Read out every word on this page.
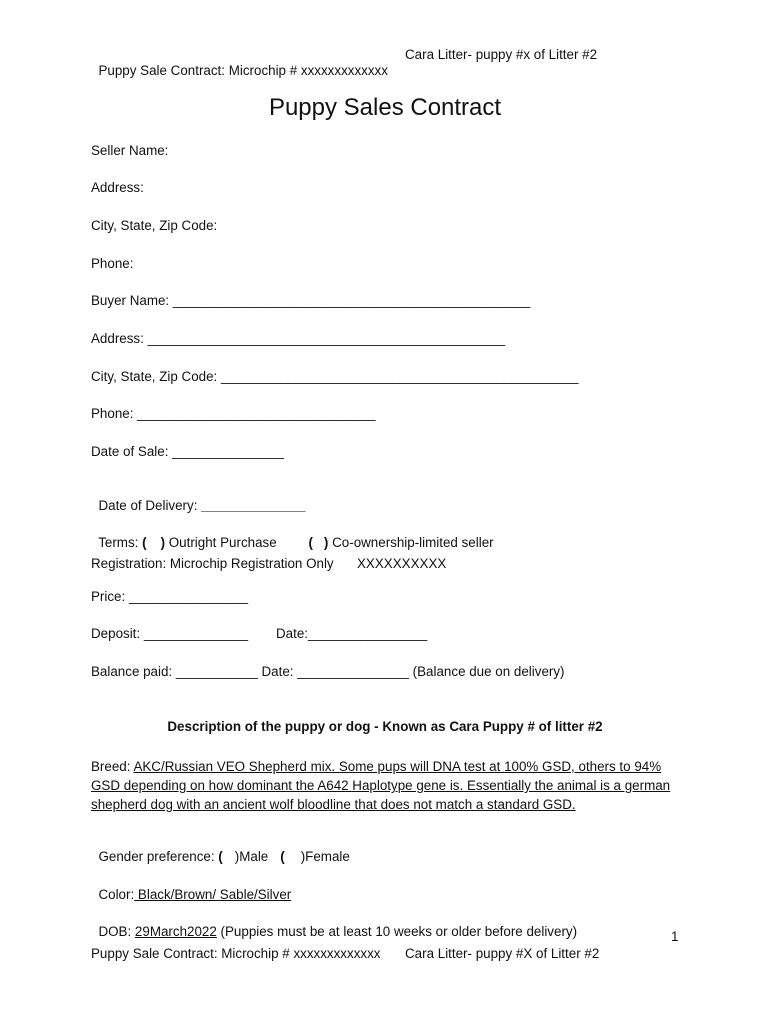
Puppy Sale Contract: Microchip # xxxxxxxxxxxxx

Cara Litter- puppy #x of Litter #2
Puppy Sales Contract
Seller Name:
Address:
City, State, Zip Code:
Phone:
Buyer Name: ________________________________________________
Address: ________________________________________________
City, State, Zip Code: ________________________________________________
Phone: ________________________________
Date of Sale: _______________

Date of Delivery: ______________

Terms: ( ) Outright Purchase	( ) Co-ownership-limited seller

Registration: Microchip Registration Only XXXXXXXXXX
Price: ________________
Deposit: ______________ Date:________________
Balance paid: ___________ Date: _______________ (Balance due on delivery)
Description of the puppy or dog - Known as Cara Puppy # of litter #2
Breed: AKC/Russian VEO Shepherd mix. Some pups will DNA test at 100% GSD, others to 94% GSD depending on how dominant the A642 Haplotype gene is. Essentially the animal is a german shepherd dog with an ancient wolf bloodline that does not match a standard GSD.

Gender preference: ( )Male ( )Female

Color: Black/Brown/ Sable/Silver

DOB: 29March2022 (Puppies must be at least 10 weeks or older before delivery)	1
Puppy Sale Contract: Microchip # xxxxxxxxxxxxx Cara Litter- puppy #X of Litter #2
